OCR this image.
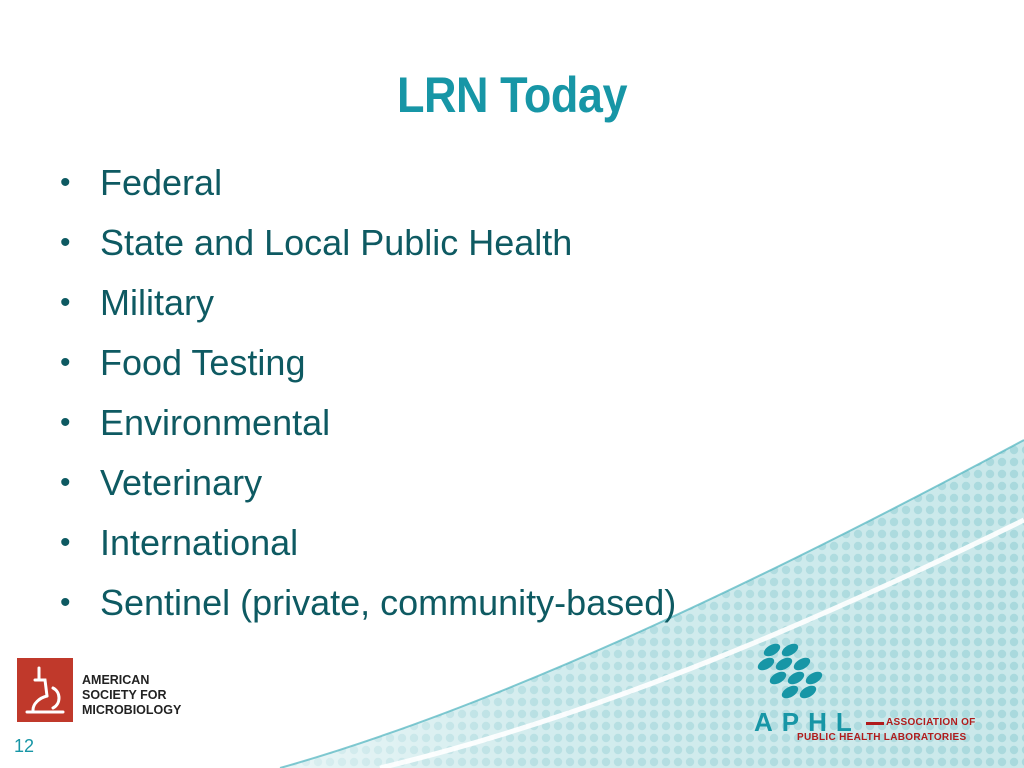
LRN Today
• Federal
• State and Local Public Health
• Military
• Food Testing
• Environmental
• Veterinary
• International
• Sentinel (private, community-based)
AMERICAN
SOCIETY FOR
MICROBIOLOGY	APHL	ASSOCIATION OF
PUBLIC HEALTH LABORATORIES
12
